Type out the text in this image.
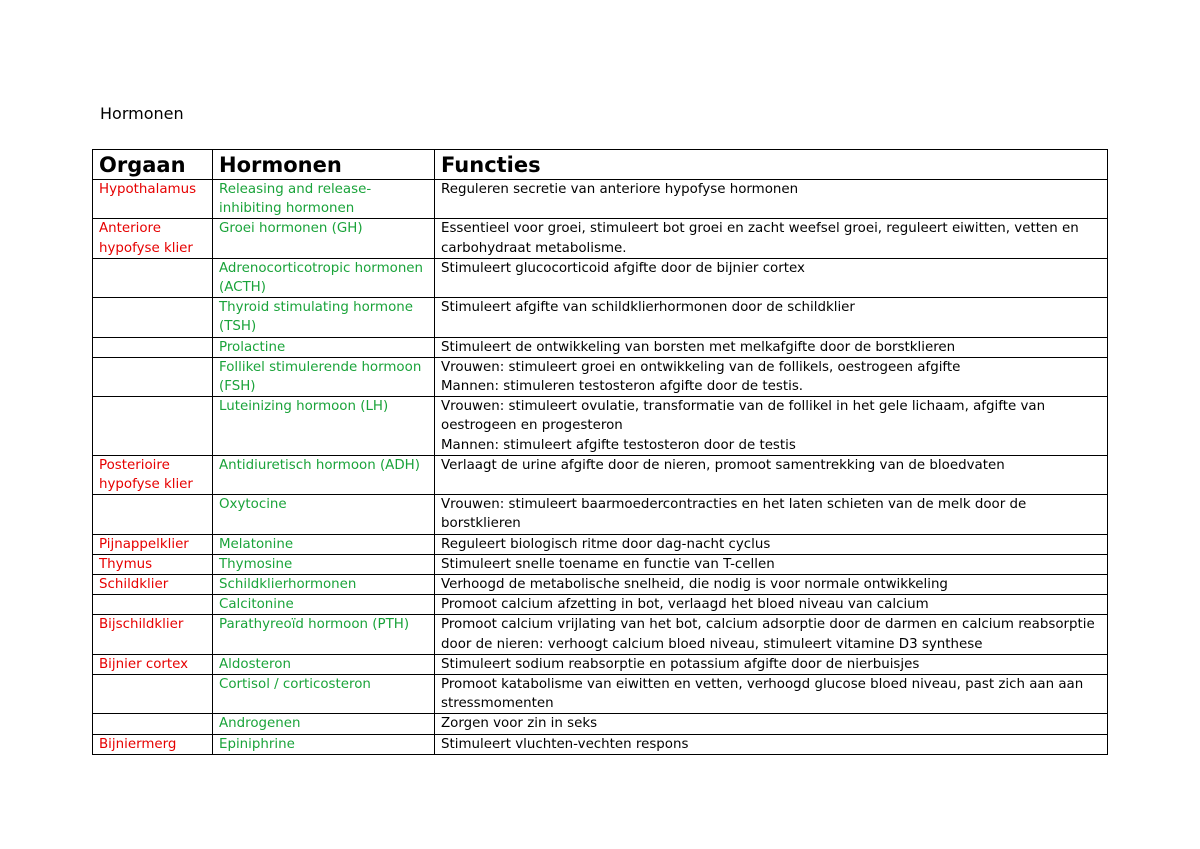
Hormonen
Orgaan	Hormonen	Functies
Hypothalamus	Releasing and release-inhibiting hormonen	Reguleren secretie van anteriore hypofyse hormonen

Anteriore hypofyse klier	Groei hormonen (GH)	Essentieel voor groei, stimuleert bot groei en zacht weefsel groei, reguleert eiwitten, vetten en carbohydraat metabolisme.

	Adrenocorticotropic hormonen (ACTH)	Stimuleert glucocorticoid afgifte door de bijnier cortex

	Thyroid stimulating hormone (TSH)	Stimuleert afgifte van schildklierhormonen door de schildklier

	Prolactine	Stimuleert de ontwikkeling van borsten met melkafgifte door de borstklieren

	Follikel stimulerende hormoon (FSH)	Vrouwen: stimuleert groei en ontwikkeling van de follikels, oestrogeen afgifte
Mannen: stimuleren testosteron afgifte door de testis.

	Luteinizing hormoon (LH)	Vrouwen: stimuleert ovulatie, transformatie van de follikel in het gele lichaam, afgifte van oestrogeen en progesteron
Mannen: stimuleert afgifte testosteron door de testis

Posterioire hypofyse klier	Antidiuretisch hormoon (ADH)	Verlaagt de urine afgifte door de nieren, promoot samentrekking van de bloedvaten

	Oxytocine	Vrouwen: stimuleert baarmoedercontracties en het laten schieten van de melk door de borstklieren

Pijnappelklier	Melatonine	Reguleert biologisch ritme door dag-nacht cyclus

Thymus	Thymosine	Stimuleert snelle toename en functie van T-cellen

Schildklier	Schildklierhormonen	Verhoogd de metabolische snelheid, die nodig is voor normale ontwikkeling

	Calcitonine	Promoot calcium afzetting in bot, verlaagd het bloed niveau van calcium

Bijschildklier	Parathyreoïd hormoon (PTH)	Promoot calcium vrijlating van het bot, calcium adsorptie door de darmen en calcium reabsorptie door de nieren: verhoogt calcium bloed niveau, stimuleert vitamine D3 synthese

Bijnier cortex	Aldosteron	Stimuleert sodium reabsorptie en potassium afgifte door de nierbuisjes

	Cortisol / corticosteron	Promoot katabolisme van eiwitten en vetten, verhoogd glucose bloed niveau, past zich aan aan stressmomenten

	Androgenen	Zorgen voor zin in seks

Bijniermerg	Epiniphrine	Stimuleert vluchten-vechten respons
